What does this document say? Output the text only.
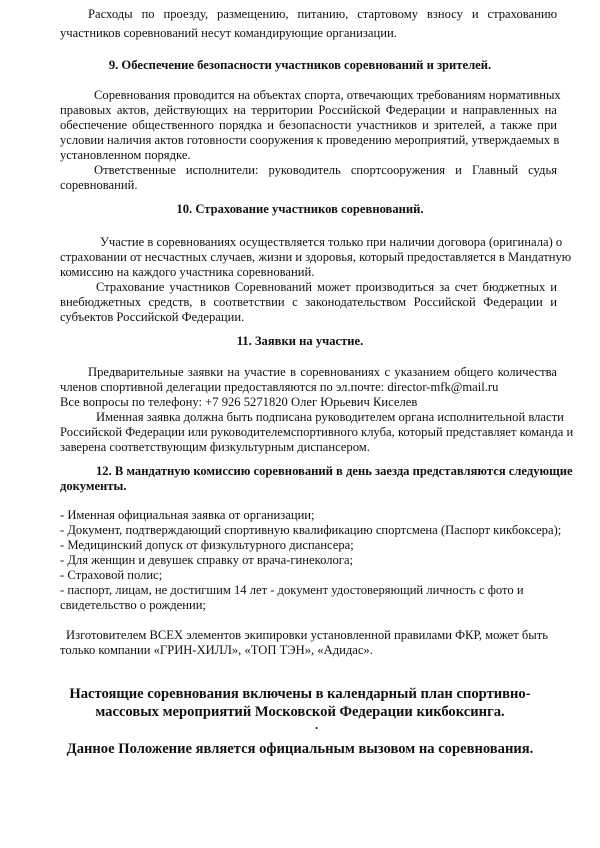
Расходы по проезду, размещению, питанию, стартовому взносу и страхованию
участников соревнований несут командирующие организации.
9. Обеспечение безопасности участников соревнований и зрителей.
Соревнования проводится на объектах спорта, отвечающих требованиям нормативных
правовых актов, действующих на территории Российской Федерации и направленных на
обеспечение общественного порядка и безопасности участников и зрителей, а также при
условии наличия актов готовности сооружения к проведению мероприятий, утверждаемых в
установленном порядке.
Ответственные исполнители: руководитель спортсооружения и Главный судья
соревнований.
10. Страхование участников соревнований.
Участие в соревнованиях осуществляется только при наличии договора (оригинала) о
страховании от несчастных случаев, жизни и здоровья, который предоставляется в Мандатную
комиссию на каждого участника соревнований.
Страхование участников Соревнований может производиться за счет бюджетных и
внебюджетных средств, в соответствии с законодательством Российской Федерации и
субъектов Российской Федерации.
11. Заявки на участие.
Предварительные заявки на участие в соревнованиях с указанием общего количества
членов спортивной делегации предоставляются по эл.почте: director-mfk@mail.ru
Все вопросы по телефону: +7 926 5271820 Олег Юрьевич Киселев
Именная заявка должна быть подписана руководителем органа исполнительной власти
Российской Федерации или руководителемспортивного клуба, который представляет команда и
заверена соответствующим физкультурным диспансером.
12. В мандатную комиссию соревнований в день заезда представляются следующие
документы.
- Именная официальная заявка от организации;
- Документ, подтверждающий спортивную квалификацию спортсмена (Паспорт кикбоксера);
- Медицинский допуск от физкультурного диспансера;
- Для женщин и девушек справку от врача-гинеколога;
- Страховой полис;
- паспорт, лицам, не достигшим 14 лет - документ удостоверяющий личность с фото и
свидетельство о рождении;
Изготовителем ВСЕХ элементов экипировки установленной правилами ФКР, может быть
только компании «ГРИН-ХИЛЛ», «ТОП ТЭН», «Адидас».
Настоящие соревнования включены в календарный план спортивно-
массовых мероприятий Московской Федерации кикбоксинга.
.
Данное Положение является официальным вызовом на соревнования.
